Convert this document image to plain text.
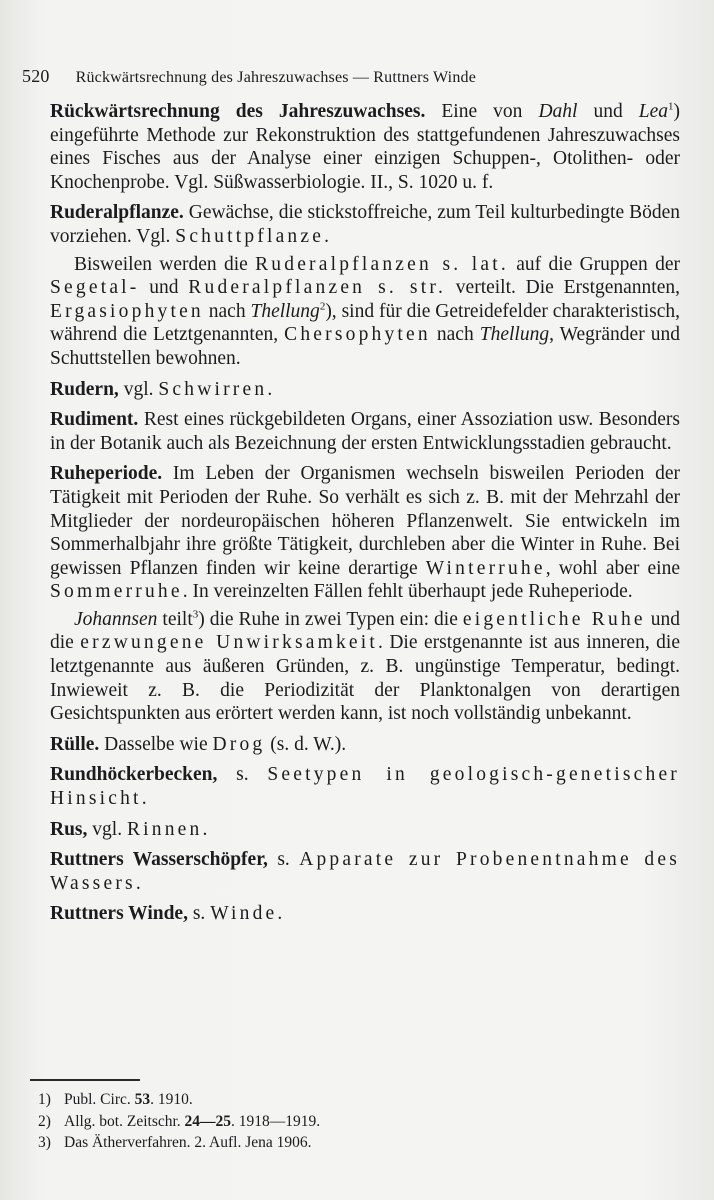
520 Rückwärtsrechnung des Jahreszuwachses — Ruttners Winde

Rückwärtsrechnung des Jahreszuwachses. Eine von Dahl und Lea$^1$) eingeführte Methode zur Rekonstruktion des stattgefundenen Jahreszuwachses eines Fisches aus der Analyse einer einzigen Schuppen-, Otolithen- oder Knochenprobe. Vgl. Süßwasserbiologie. II., S. 1020 u. f.

Ruderalpflanze. Gewächse, die stickstoffreiche, zum Teil kulturbedingte Böden vorziehen. Vgl. Schuttpflanze.

Bisweilen werden die Ruderalpflanzen s. lat. auf die Gruppen der Segetal- und Ruderalpflanzen s. str. verteilt. Die Erstgenannten, Ergasiophyten nach Thellung$^2$), sind für die Getreidefelder charakteristisch, während die Letztgenannten, Chersophyten nach Thellung, Wegränder und Schuttstellen bewohnen.

Rudern, vgl. Schwirren.

Rudiment. Rest eines rückgebildeten Organs, einer Assoziation usw. Besonders in der Botanik auch als Bezeichnung der ersten Entwicklungsstadien gebraucht.

Ruheperiode. Im Leben der Organismen wechseln bisweilen Perioden der Tätigkeit mit Perioden der Ruhe. So verhält es sich z. B. mit der Mehrzahl der Mitglieder der nordeuropäischen höheren Pflanzenwelt. Sie entwickeln im Sommerhalbjahr ihre größte Tätigkeit, durchleben aber die Winter in Ruhe. Bei gewissen Pflanzen finden wir keine derartige Winterruhe, wohl aber eine Sommerruhe. In vereinzelten Fällen fehlt überhaupt jede Ruheperiode.

Johannsen teilt$^3$) die Ruhe in zwei Typen ein: die eigentliche Ruhe und die erzwungene Unwirksamkeit. Die erstgenannte ist aus inneren, die letztgenannte aus äußeren Gründen, z. B. ungünstige Temperatur, bedingt. Inwieweit z. B. die Periodizität der Planktonalgen von derartigen Gesichtspunkten aus erörtert werden kann, ist noch vollständig unbekannt.

Rülle. Dasselbe wie Drog (s. d. W.).

Rundhöckerbecken, s. Seetypen in geologisch-genetischer Hinsicht.

Rus, vgl. Rinnen.

Ruttners Wasserschöpfer, s. Apparate zur Probenentnahme des Wassers.

Ruttners Winde, s. Winde.

1) Publ. Circ. 53. 1910.

2) Allg. bot. Zeitschr. 24—25. 1918—1919.

3) Das Ätherverfahren. 2. Aufl. Jena 1906.
